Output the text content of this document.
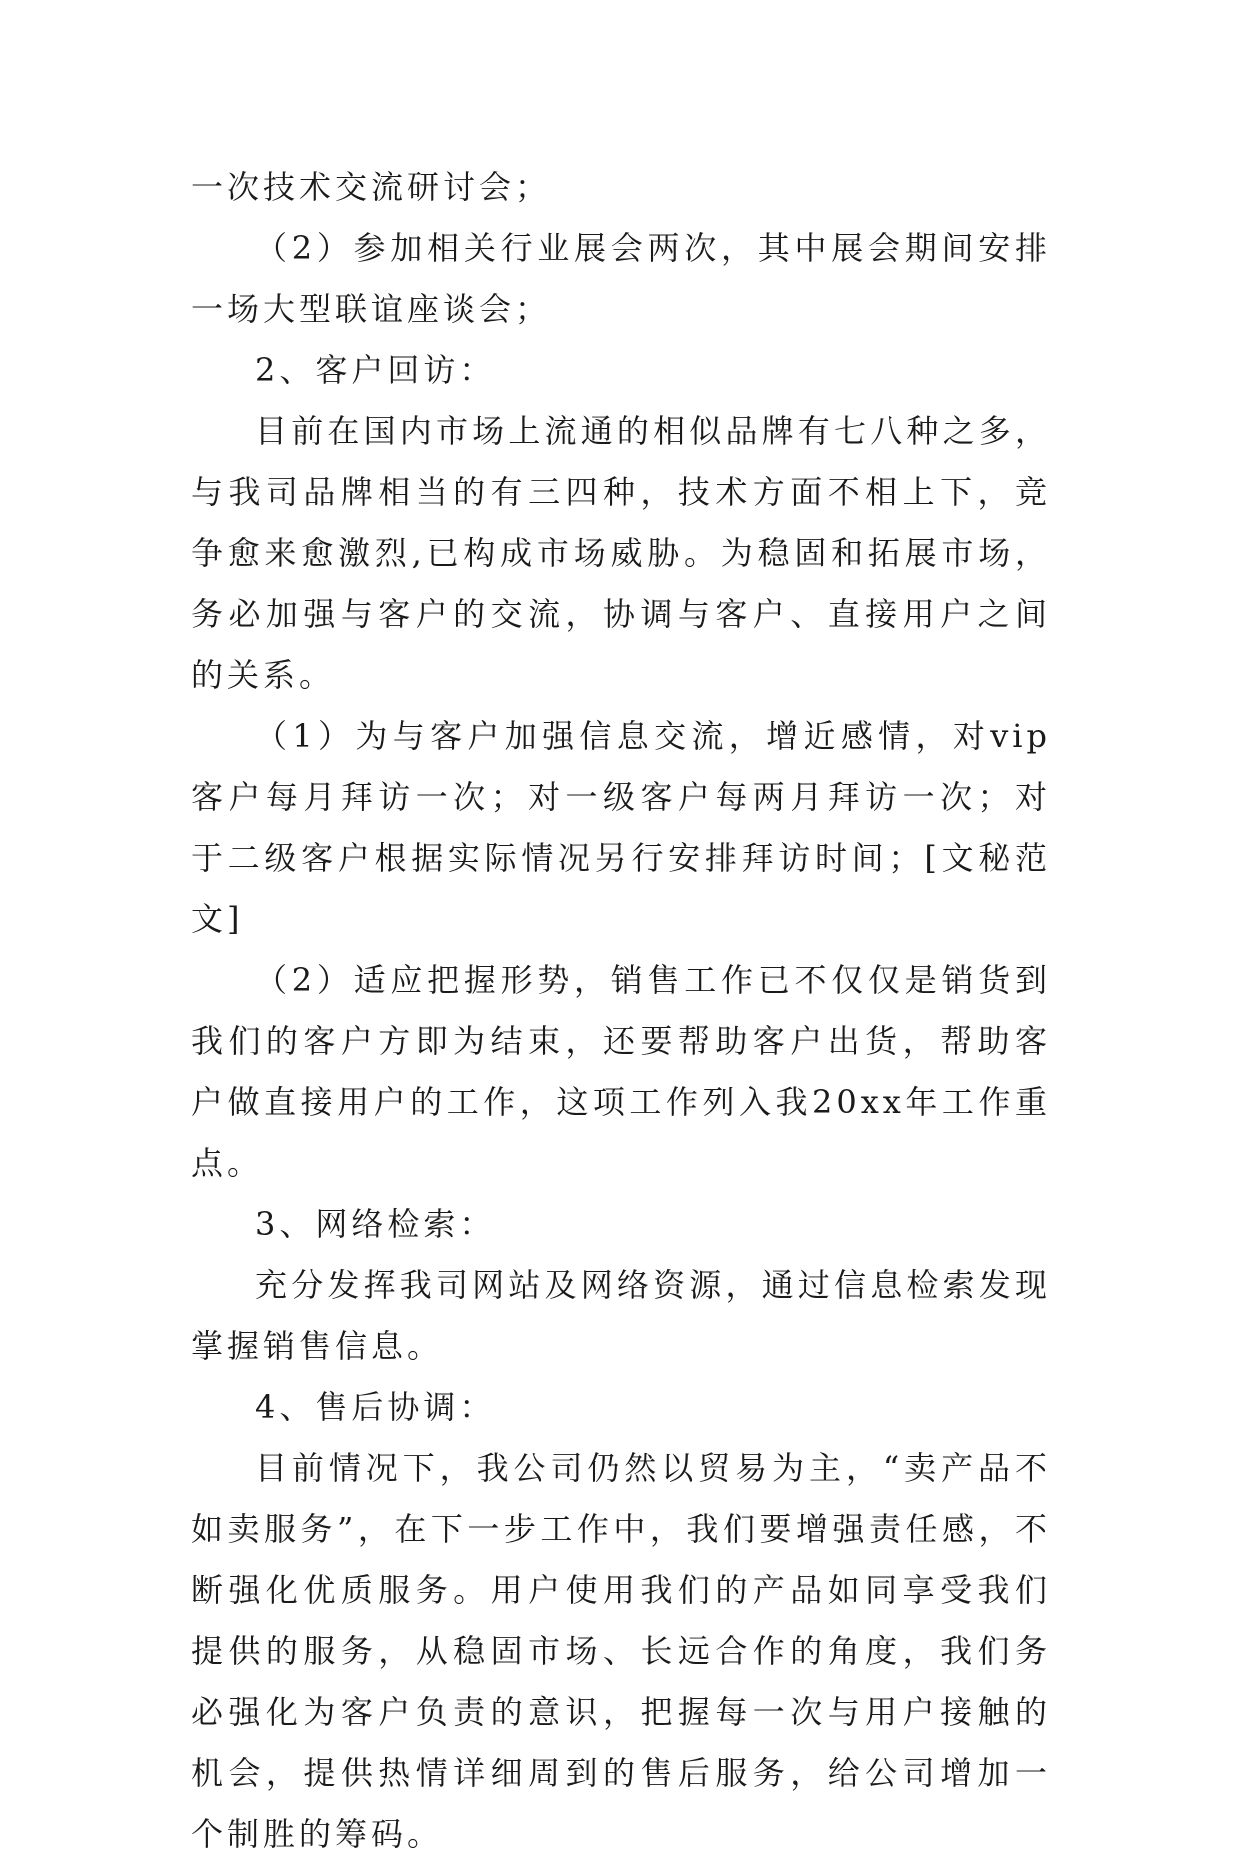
一次技术交流研讨会；

（2）参加相关行业展会两次，其中展会期间安排一场大型联谊座谈会；

2、客户回访：

目前在国内市场上流通的相似品牌有七八种之多，与我司品牌相当的有三四种，技术方面不相上下，竞争愈来愈激烈,已构成市场威胁。为稳固和拓展市场，务必加强与客户的交流，协调与客户、直接用户之间的关系。

（1）为与客户加强信息交流，增近感情，对vip客户每月拜访一次；对一级客户每两月拜访一次；对于二级客户根据实际情况另行安排拜访时间；[文秘范文]

（2）适应把握形势，销售工作已不仅仅是销货到我们的客户方即为结束，还要帮助客户出货，帮助客户做直接用户的工作，这项工作列入我20xx年工作重点。

3、网络检索：

充分发挥我司网站及网络资源，通过信息检索发现掌握销售信息。

4、售后协调：

目前情况下，我公司仍然以贸易为主，“卖产品不如卖服务”，在下一步工作中，我们要增强责任感，不断强化优质服务。用户使用我们的产品如同享受我们提供的服务，从稳固市场、长远合作的角度，我们务必强化为客户负责的意识，把握每一次与用户接触的机会，提供热情详细周到的售后服务，给公司增加一个制胜的筹码。
